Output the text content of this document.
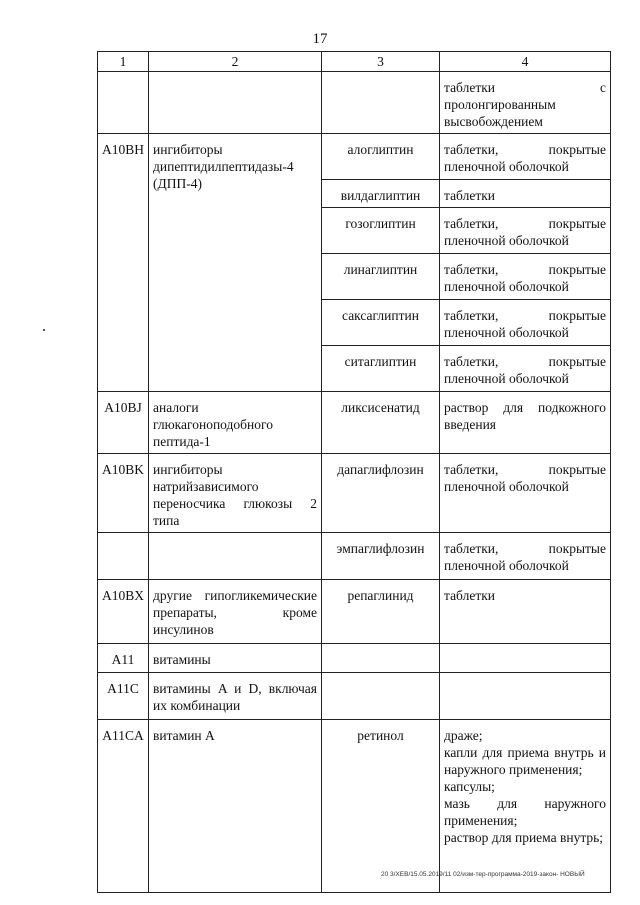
17
1	2	3	4
			таблетки с пролонгированным высвобождением
A10BH	ингибиторы дипептидилпептидазы-4 (ДПП-4)	алоглиптин	таблетки, покрытые пленочной оболочкой
		вилдаглиптин	таблетки
		гозоглиптин	таблетки, покрытые пленочной оболочкой
		линаглиптин	таблетки, покрытые пленочной оболочкой
		саксаглиптин	таблетки, покрытые пленочной оболочкой
		ситаглиптин	таблетки, покрытые пленочной оболочкой
A10BJ	аналоги глюкагоноподобного пептида-1	ликсисенатид	раствор для подкожного введения
A10BK	ингибиторы натрийзависимого переносчика глюкозы 2 типа	дапаглифлозин	таблетки, покрытые пленочной оболочкой
		эмпаглифлозин	таблетки, покрытые пленочной оболочкой
A10BX	другие гипогликемические препараты, кроме инсулинов	репаглинид	таблетки
A11	витамины		
A11C	витамины A и D, включая их комбинации		
A11CA	витамин A	ретинол	драже;
капли для приема внутрь и наружного применения;
капсулы;
мазь для наружного применения;
раствор для приема внутрь;
20 3/ХЕВ/15.05.2019/11 02/изм-тер-программа-2019-закон- НОВЫЙ
